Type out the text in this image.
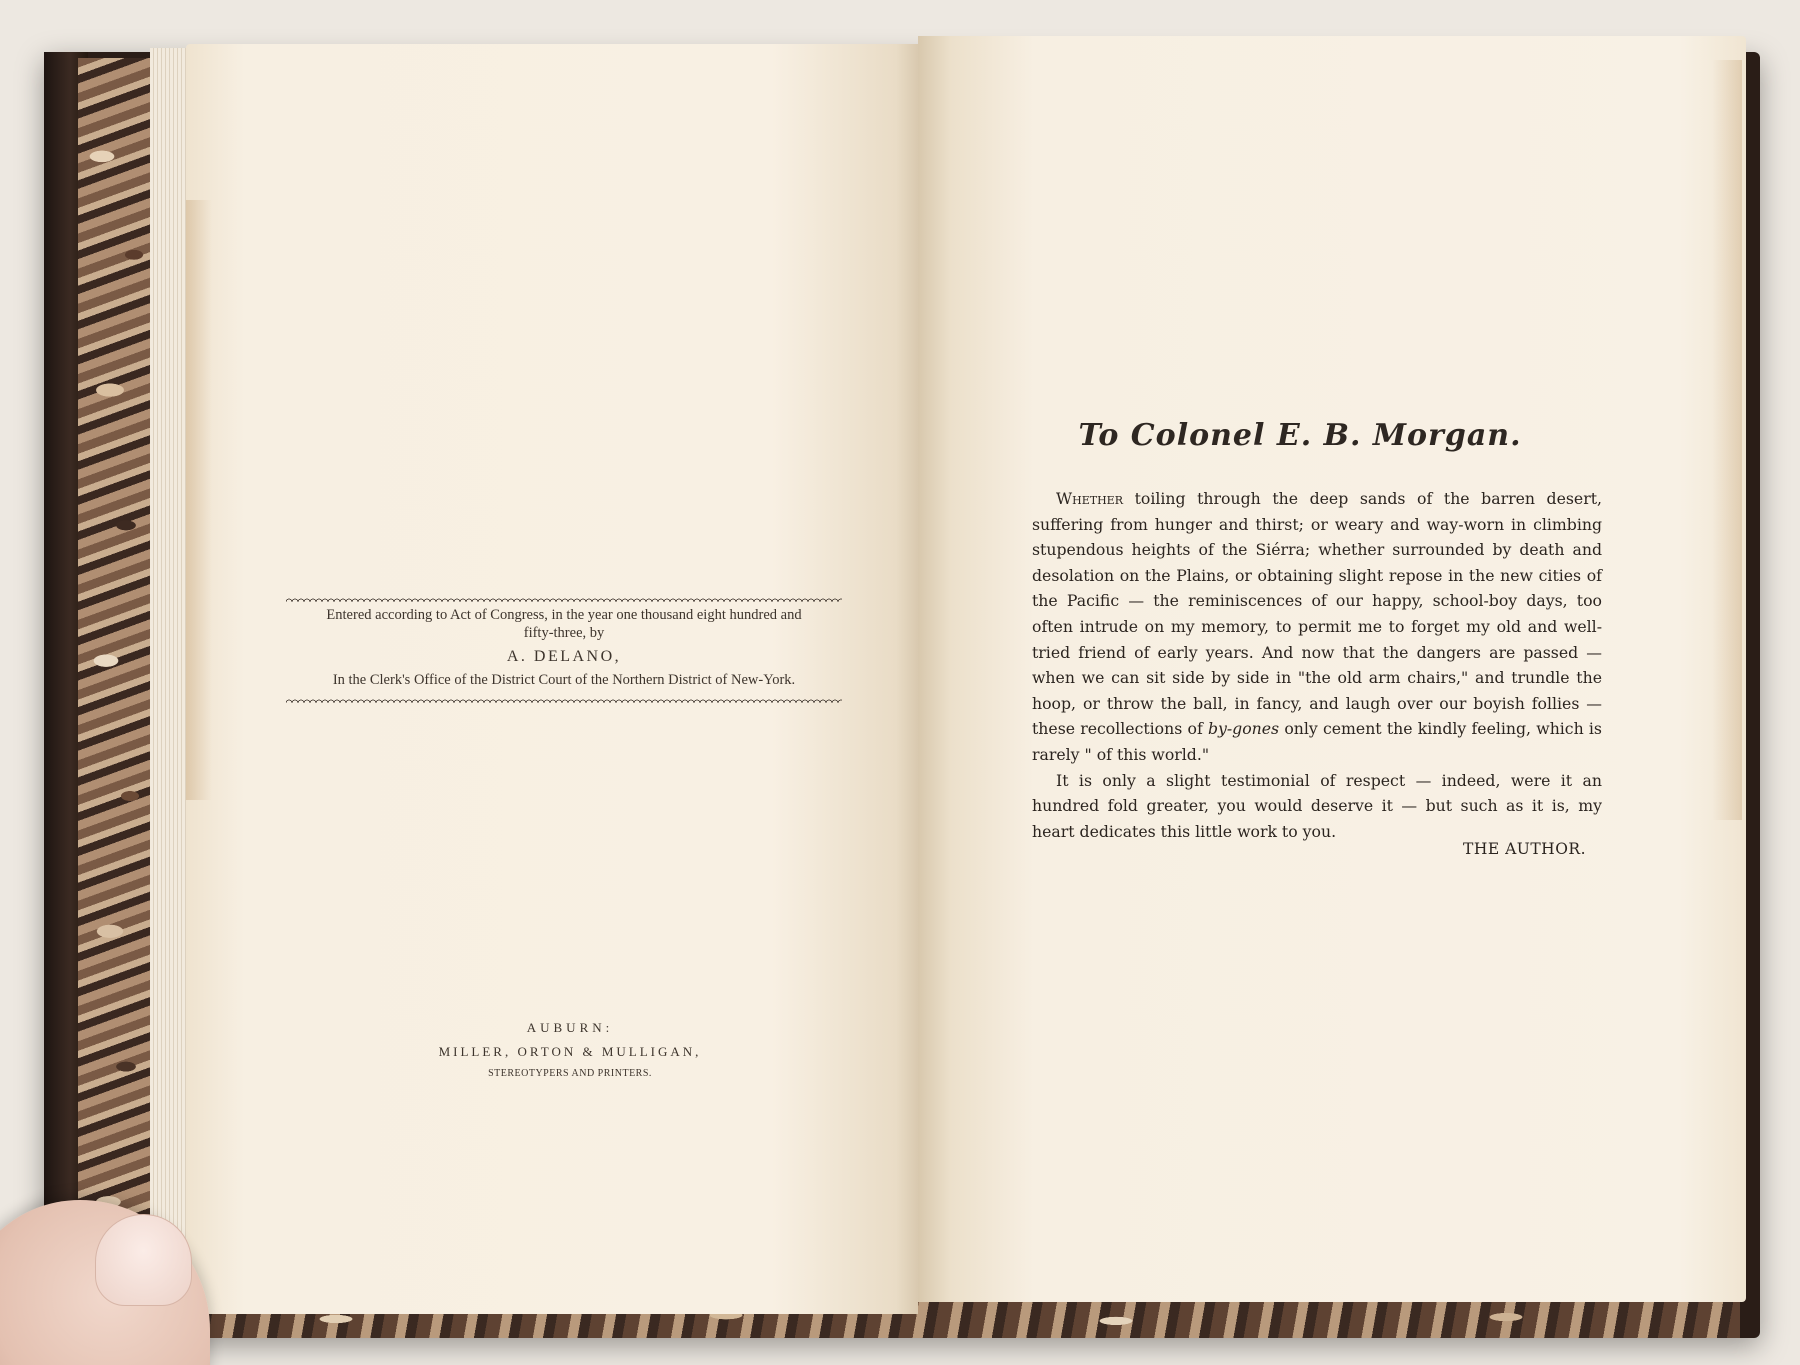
Entered according to Act of Congress, in the year one thousand eight hundred and

fifty-three, by

A. DELANO,

In the Clerk's Office of the District Court of the Northern District of New-York.

AUBURN:
MILLER, ORTON & MULLIGAN,
STEREOTYPERS AND PRINTERS.
To Colonel E. B. Morgan.

Whether toiling through the deep sands of the barren desert, suffering from hunger and thirst; or weary and way-worn in climbing stupendous heights of the Siérra; whether surrounded by death and desolation on the Plains, or obtaining slight repose in the new cities of the Pacific — the reminiscences of our happy, school-boy days, too often intrude on my memory, to permit me to forget my old and well-tried friend of early years. And now that the dangers are passed — when we can sit side by side in "the old arm chairs," and trundle the hoop, or throw the ball, in fancy, and laugh over our boyish follies — these recollections of by-gones only cement the kindly feeling, which is rarely " of this world."

It is only a slight testimonial of respect — indeed, were it an hundred fold greater, you would deserve it — but such as it is, my heart dedicates this little work to you.

THE AUTHOR.
